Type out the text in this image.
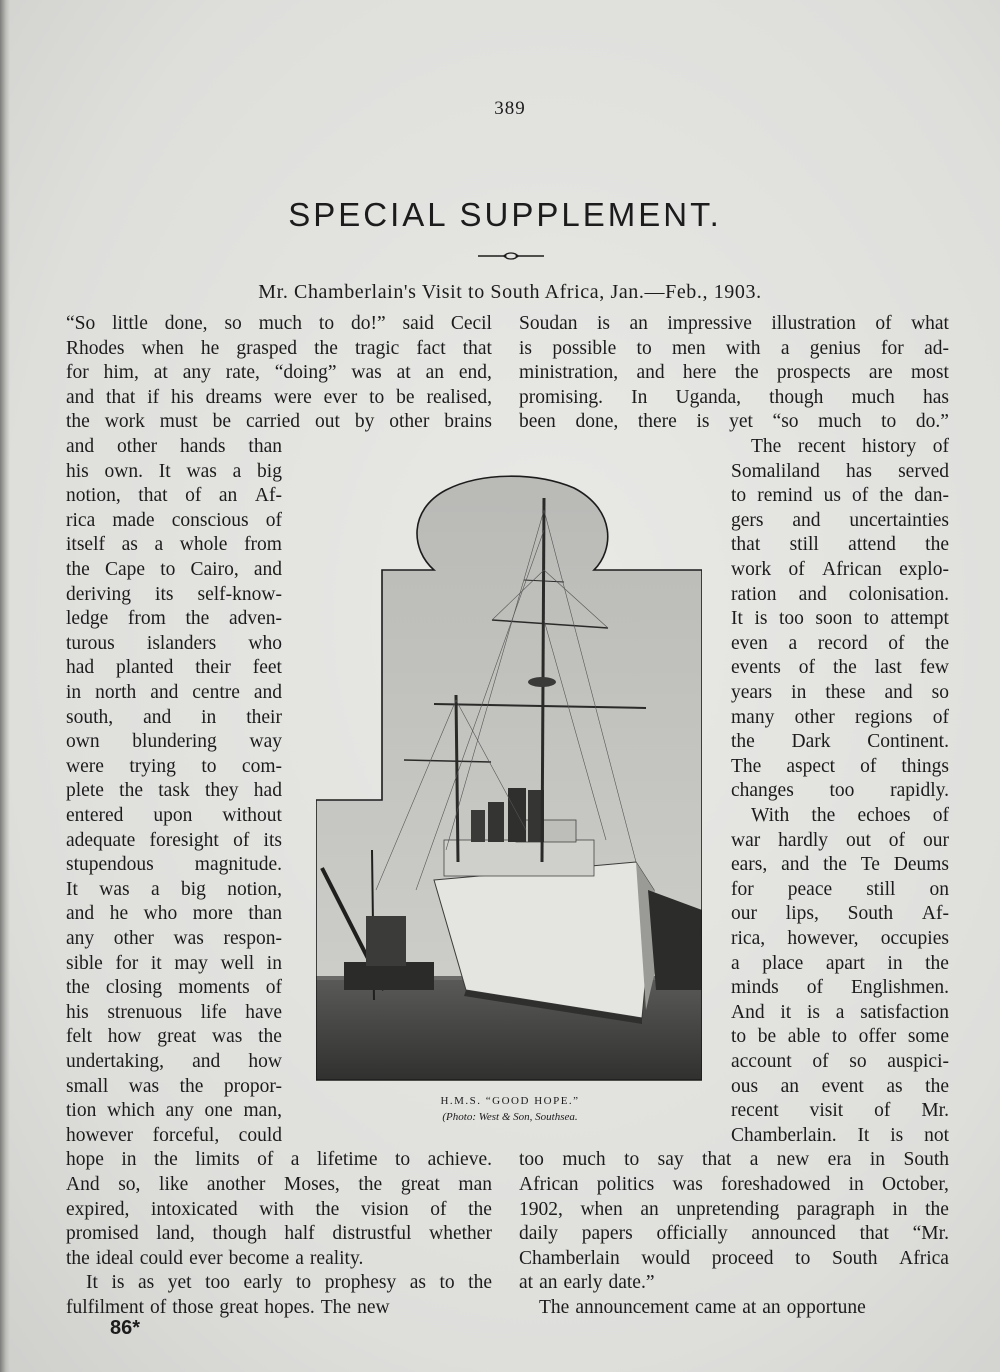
389
SPECIAL SUPPLEMENT.
Mr. Chamberlain's Visit to South Africa, Jan.—Feb., 1903.
“So little done, so much to do!” said Cecil
Rhodes when he grasped the tragic fact that
for him, at any rate, “doing” was at an end,
and that if his dreams were ever to be realised,
the work must be carried out by other brains
and other hands than
his own. It was a big
notion, that of an Af-
rica made conscious of
itself as a whole from
the Cape to Cairo, and
deriving its self-know-
ledge from the adven-
turous islanders who
had planted their feet
in north and centre and
south, and in their
own blundering way
were trying to com-
plete the task they had
entered upon without
adequate foresight of its
stupendous magnitude.
It was a big notion,
and he who more than
any other was respon-
sible for it may well in
the closing moments of
his strenuous life have
felt how great was the
undertaking, and how
small was the propor-
tion which any one man,
however forceful, could
hope in the limits of a lifetime to achieve.
And so, like another Moses, the great man
expired, intoxicated with the vision of the
promised land, though half distrustful whether
the ideal could ever become a reality.
It is as yet too early to prophesy as to the
fulfilment of those great hopes. The new
Soudan is an impressive illustration of what
is possible to men with a genius for ad-
ministration, and here the prospects are most
promising. In Uganda, though much has
been done, there is yet “so much to do.”
The recent history of
Somaliland has served
to remind us of the dan-
gers and uncertainties
that still attend the
work of African explo-
ration and colonisation.
It is too soon to attempt
even a record of the
events of the last few
years in these and so
many other regions of
the Dark Continent.
The aspect of things
changes too rapidly.
With the echoes of
war hardly out of our
ears, and the Te Deums
for peace still on
our lips, South Af-
rica, however, occupies
a place apart in the
minds of Englishmen.
And it is a satisfaction
to be able to offer some
account of so auspici-
ous an event as the
recent visit of Mr.
Chamberlain. It is not
too much to say that a new era in South
African politics was foreshadowed in October,
1902, when an unpretending paragraph in the
daily papers officially announced that “Mr.
Chamberlain would proceed to South Africa
at an early date.”
The announcement came at an opportune
H.M.S. “GOOD HOPE.”
(Photo: West & Son, Southsea.
86*
